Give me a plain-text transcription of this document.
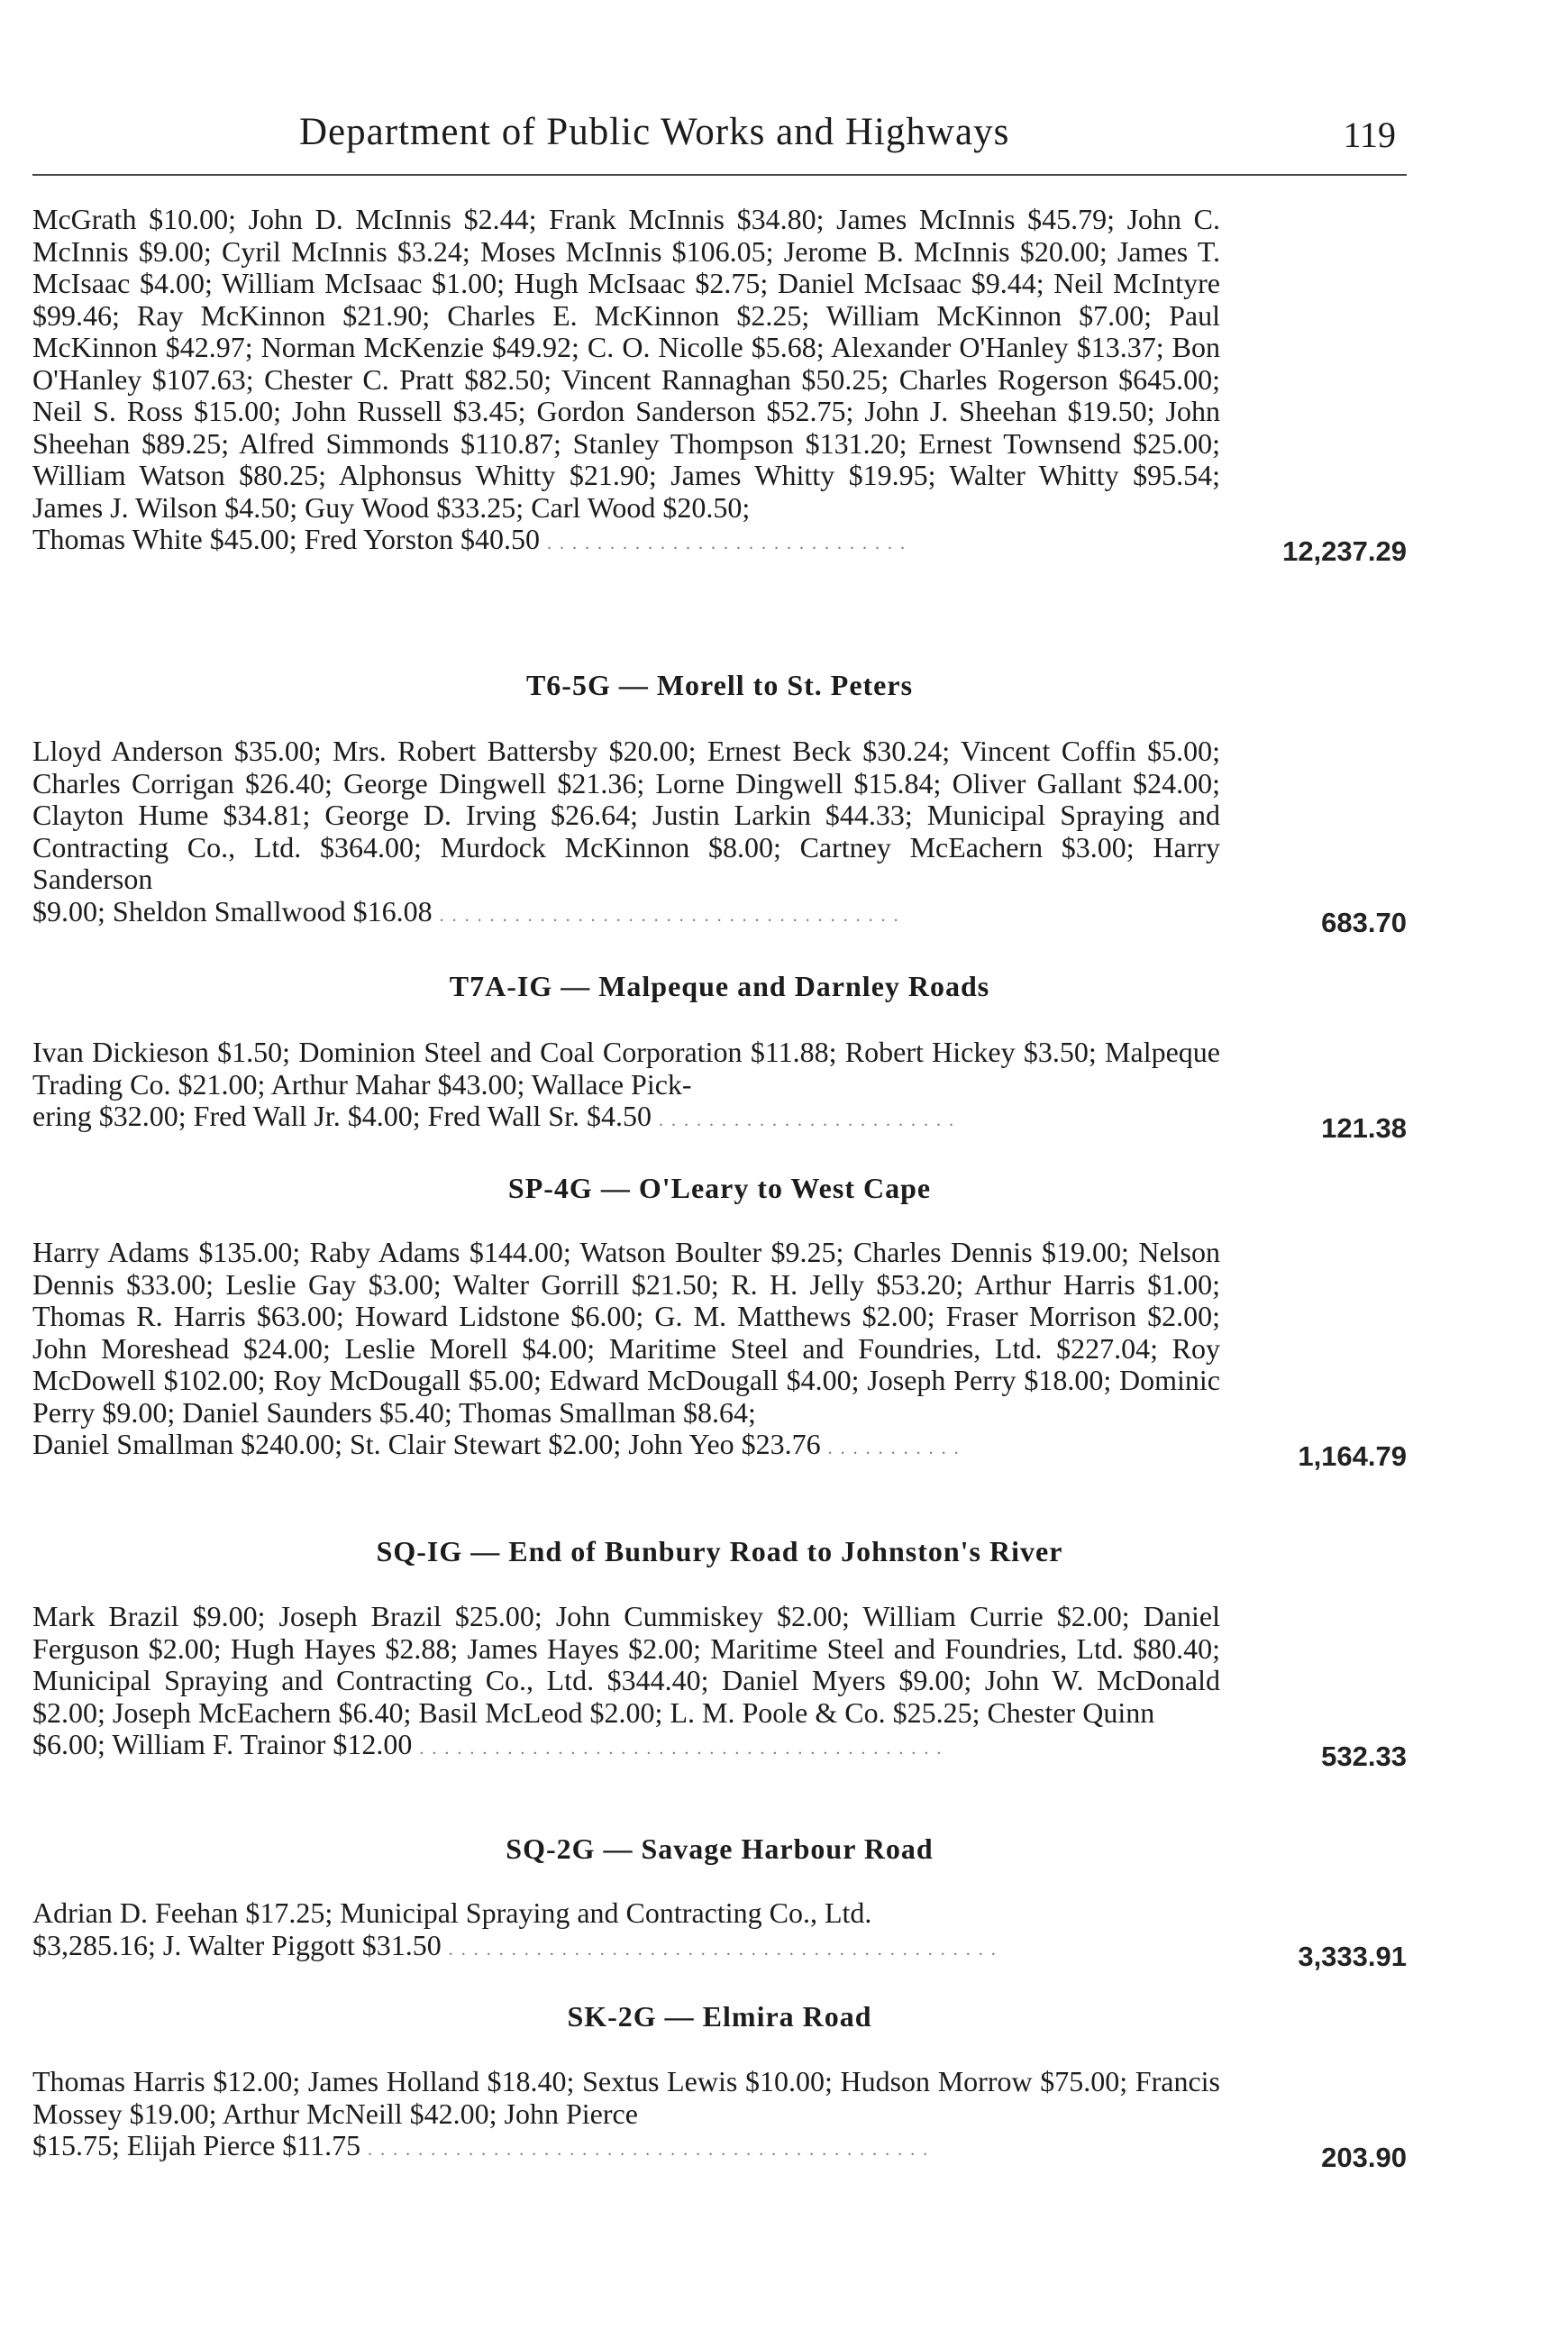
Department of Public Works and Highways	119
McGrath $10.00; John D. McInnis $2.44; Frank McInnis $34.80; James McInnis $45.79; John C. McInnis $9.00; Cyril McInnis $3.24; Moses McInnis $106.05; Jerome B. McInnis $20.00; James T. McIsaac $4.00; William McIsaac $1.00; Hugh McIsaac $2.75; Daniel McIsaac $9.44; Neil McIntyre $99.46; Ray McKinnon $21.90; Charles E. McKinnon $2.25; William McKinnon $7.00; Paul McKinnon $42.97; Norman McKenzie $49.92; C. O. Nicolle $5.68; Alexander O'Hanley $13.37; Bon O'Hanley $107.63; Chester C. Pratt $82.50; Vincent Rannaghan $50.25; Charles Rogerson $645.00; Neil S. Ross $15.00; John Russell $3.45; Gordon Sanderson $52.75; John J. Sheehan $19.50; John Sheehan $89.25; Alfred Simmonds $110.87; Stanley Thompson $131.20; Ernest Townsend $25.00; William Watson $80.25; Alphonsus Whitty $21.90; James Whitty $19.95; Walter Whitty $95.54; James J. Wilson $4.50; Guy Wood $33.25; Carl Wood $20.50;
Thomas White $45.00; Fred Yorston $40.50 . . . . . . . . . . . . . . . . . . . . . . . . . . . . .	12,237.29
T6-5G — Morell to St. Peters
Lloyd Anderson $35.00; Mrs. Robert Battersby $20.00; Ernest Beck $30.24; Vincent Coffin $5.00; Charles Corrigan $26.40; George Dingwell $21.36; Lorne Dingwell $15.84; Oliver Gallant $24.00; Clayton Hume $34.81; George D. Irving $26.64; Justin Larkin $44.33; Municipal Spraying and Contracting Co., Ltd. $364.00; Murdock McKinnon $8.00; Cartney McEachern $3.00; Harry Sanderson
$9.00; Sheldon Smallwood $16.08 . . . . . . . . . . . . . . . . . . . . . . . . . . . . . . . . . . . . .	683.70
T7A-IG — Malpeque and Darnley Roads
Ivan Dickieson $1.50; Dominion Steel and Coal Corporation $11.88; Robert Hickey $3.50; Malpeque Trading Co. $21.00; Arthur Mahar $43.00; Wallace Pick-
ering $32.00; Fred Wall Jr. $4.00; Fred Wall Sr. $4.50 . . . . . . . . . . . . . . . . . . . . . . . .	121.38
SP-4G — O'Leary to West Cape
Harry Adams $135.00; Raby Adams $144.00; Watson Boulter $9.25; Charles Dennis $19.00; Nelson Dennis $33.00; Leslie Gay $3.00; Walter Gorrill $21.50; R. H. Jelly $53.20; Arthur Harris $1.00; Thomas R. Harris $63.00; Howard Lidstone $6.00; G. M. Matthews $2.00; Fraser Morrison $2.00; John Moreshead $24.00; Leslie Morell $4.00; Maritime Steel and Foundries, Ltd. $227.04; Roy McDowell $102.00; Roy McDougall $5.00; Edward McDougall $4.00; Joseph Perry $18.00; Dominic Perry $9.00; Daniel Saunders $5.40; Thomas Smallman $8.64;
Daniel Smallman $240.00; St. Clair Stewart $2.00; John Yeo $23.76 . . . . . . . . . . .	1,164.79
SQ-IG — End of Bunbury Road to Johnston's River
Mark Brazil $9.00; Joseph Brazil $25.00; John Cummiskey $2.00; William Currie $2.00; Daniel Ferguson $2.00; Hugh Hayes $2.88; James Hayes $2.00; Maritime Steel and Foundries, Ltd. $80.40; Municipal Spraying and Contracting Co., Ltd. $344.40; Daniel Myers $9.00; John W. McDonald $2.00; Joseph McEachern $6.40; Basil McLeod $2.00; L. M. Poole & Co. $25.25; Chester Quinn
$6.00; William F. Trainor $12.00 . . . . . . . . . . . . . . . . . . . . . . . . . . . . . . . . . . . . . . . . . .	532.33
SQ-2G — Savage Harbour Road
Adrian D. Feehan $17.25; Municipal Spraying and Contracting Co., Ltd.
$3,285.16; J. Walter Piggott $31.50 . . . . . . . . . . . . . . . . . . . . . . . . . . . . . . . . . . . . . . . . . . . .	3,333.91
SK-2G — Elmira Road
Thomas Harris $12.00; James Holland $18.40; Sextus Lewis $10.00; Hudson Morrow $75.00; Francis Mossey $19.00; Arthur McNeill $42.00; John Pierce
$15.75; Elijah Pierce $11.75 . . . . . . . . . . . . . . . . . . . . . . . . . . . . . . . . . . . . . . . . . . . . .	203.90
